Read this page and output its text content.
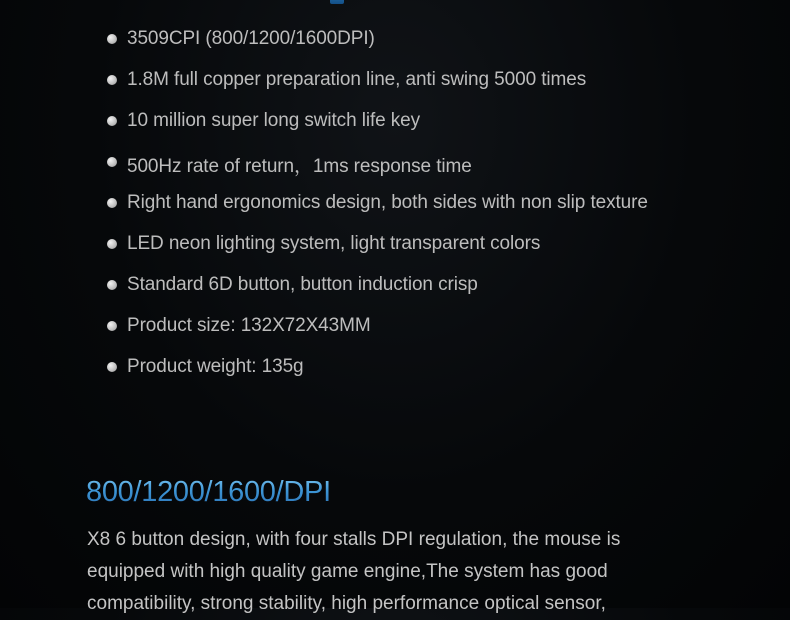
3509CPI (800/1200/1600DPI)
1.8M full copper preparation line, anti swing 5000 times
10 million super long switch life key
500Hz rate of return，1ms response time
Right hand ergonomics design, both sides with non slip texture
LED neon lighting system, light transparent colors
Standard 6D button, button induction crisp
Product size: 132X72X43MM
Product weight: 135g
800/1200/1600/DPI

X8 6 button design, with four stalls DPI regulation, the mouse is
equipped with high quality game engine,The system has good
compatibility, strong stability, high performance optical sensor,
